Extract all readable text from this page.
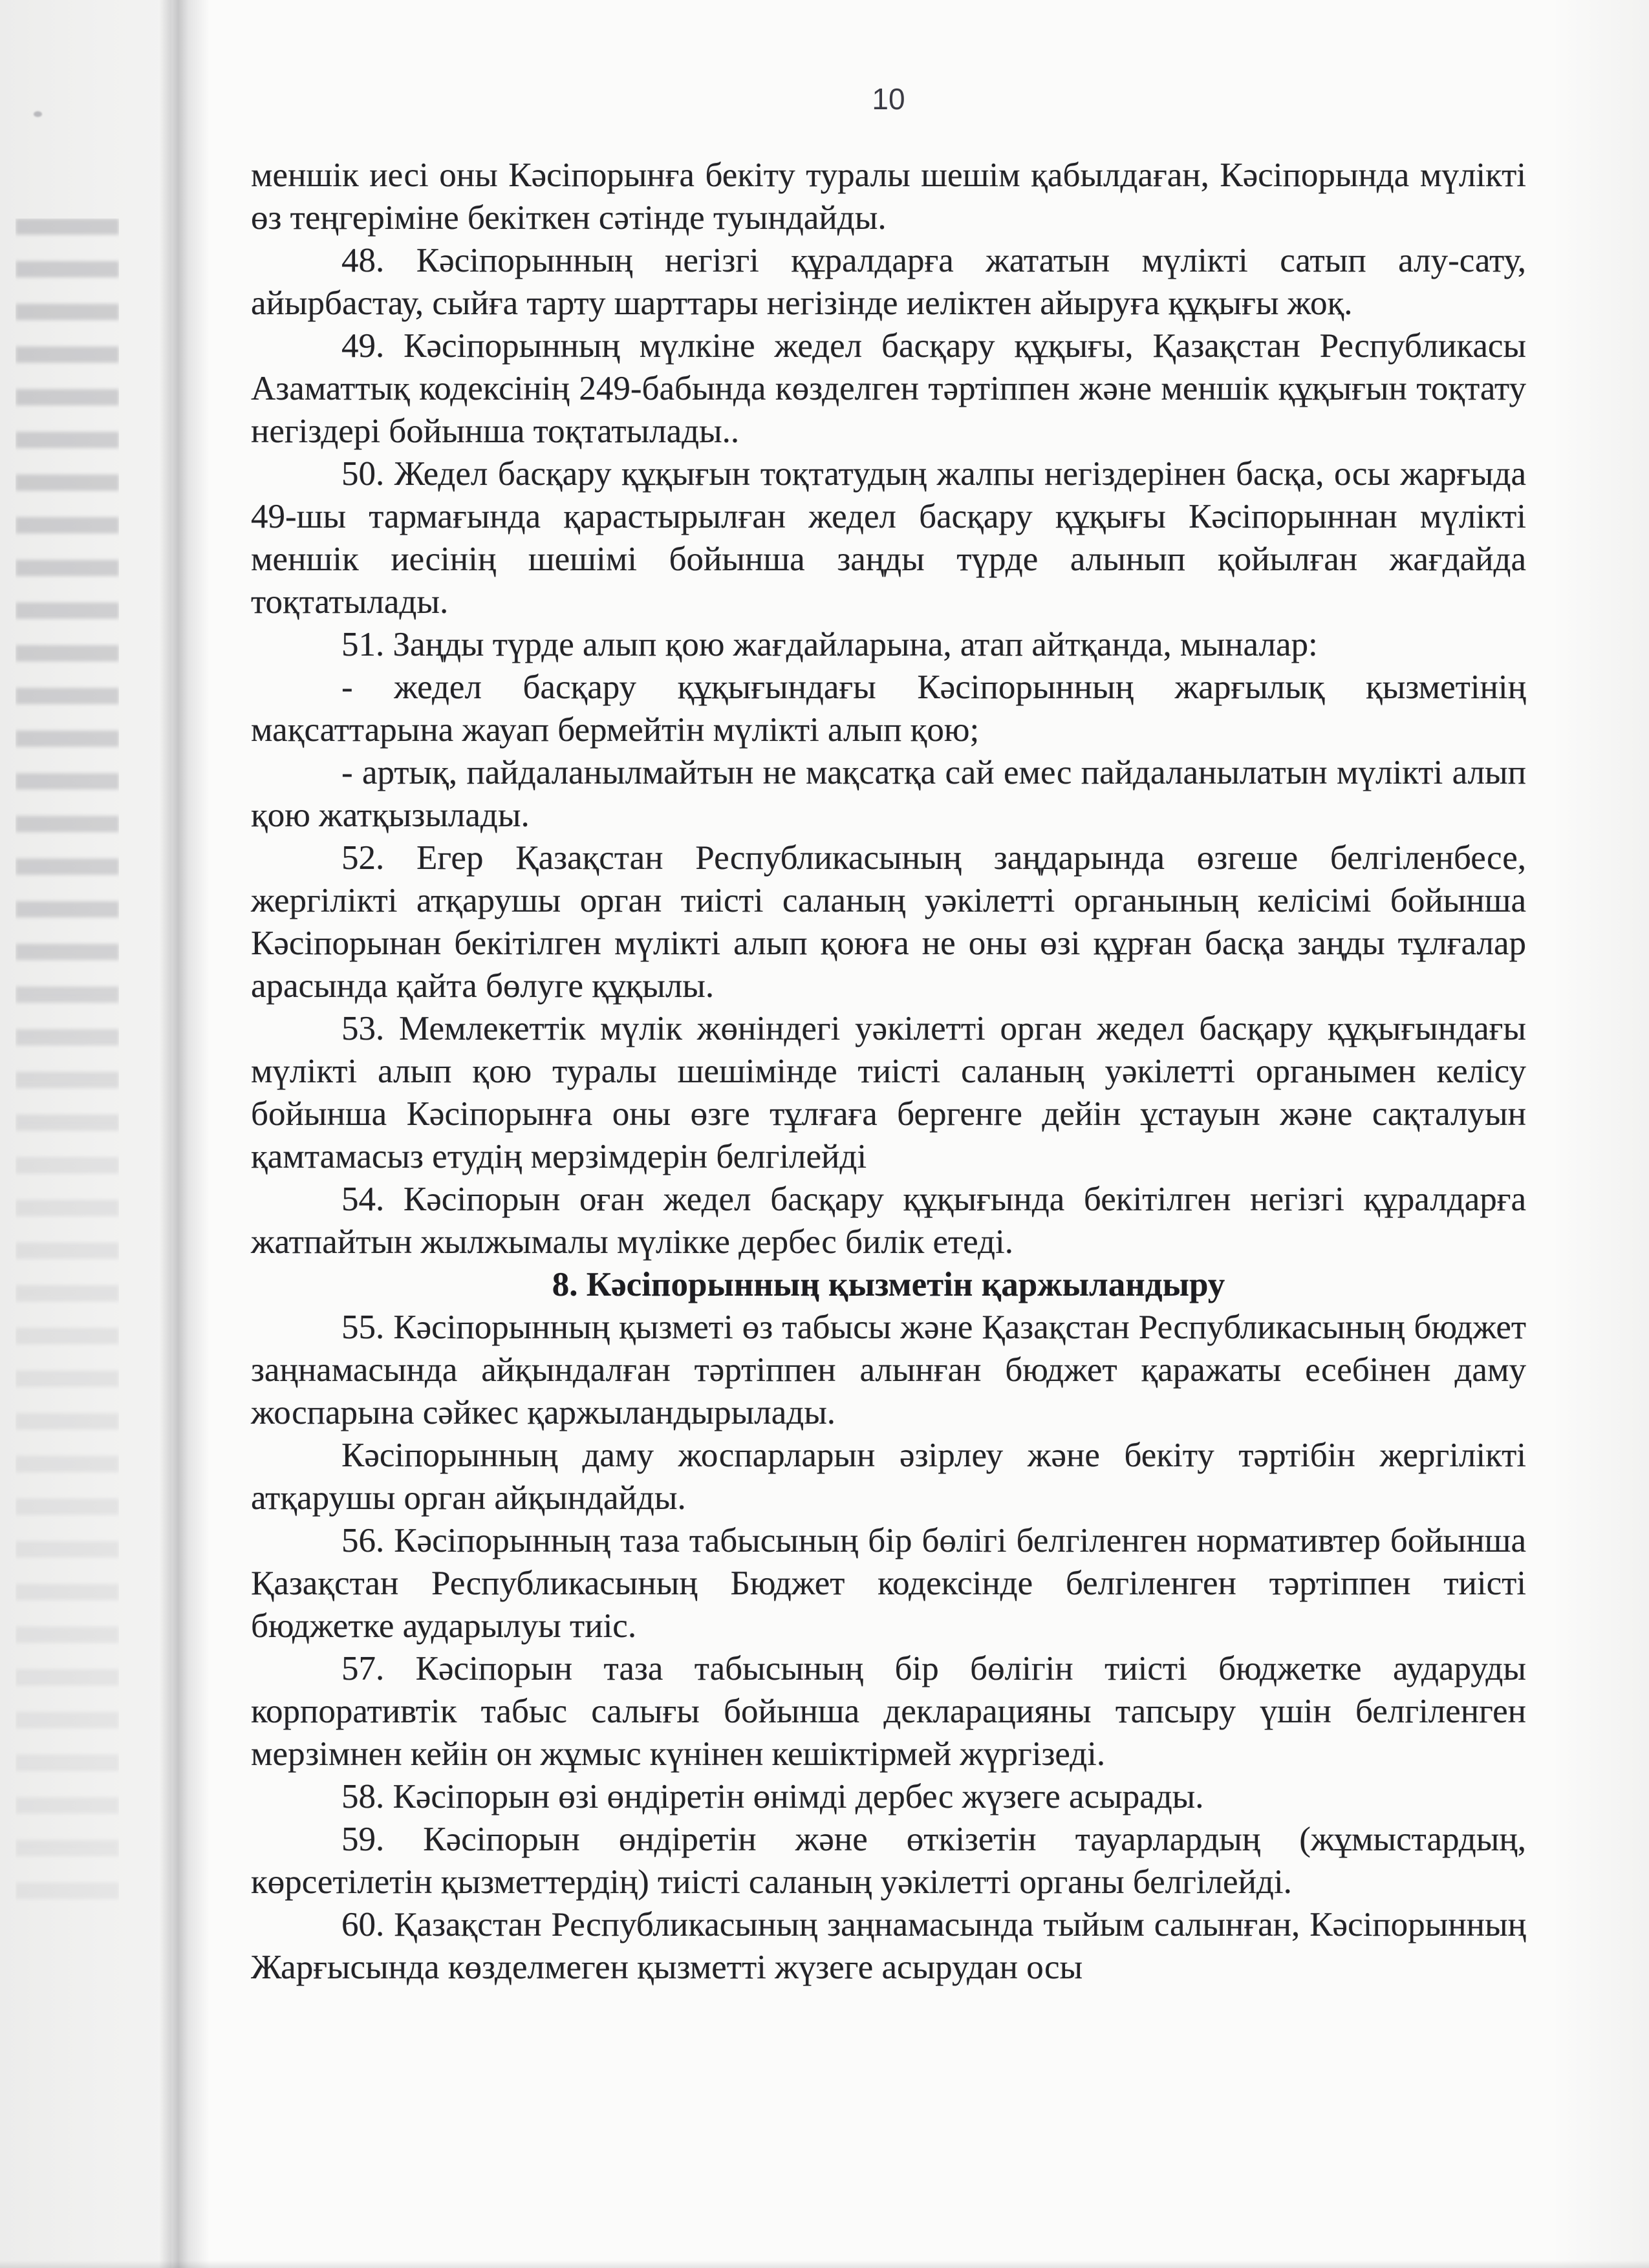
10

меншік иесі оны Кәсіпорынға бекіту туралы шешім қабылдаған, Кәсіпорында мүлікті өз теңгеріміне бекіткен сәтінде туындайды.

48. Кәсіпорынның негізгі құралдарға жататын мүлікті сатып алу-сату, айырбастау, сыйға тарту шарттары негізінде иеліктен айыруға құқығы жоқ.

49. Кәсіпорынның мүлкіне жедел басқару құқығы, Қазақстан Республикасы Азаматтық кодексінің 249-бабында көзделген тәртіппен және меншік құқығын тоқтату негіздері бойынша тоқтатылады..

50. Жедел басқару құқығын тоқтатудың жалпы негіздерінен басқа, осы жарғыда 49-шы тармағында қарастырылған жедел басқару құқығы Кәсіпорыннан мүлікті меншік иесінің шешімі бойынша заңды түрде алынып қойылған жағдайда тоқтатылады.

51. Заңды түрде алып қою жағдайларына, атап айтқанда, мыналар:

- жедел басқару құқығындағы Кәсіпорынның жарғылық қызметінің мақсаттарына жауап бермейтін мүлікті алып қою;

- артық, пайдаланылмайтын не мақсатқа сай емес пайдаланылатын мүлікті алып қою жатқызылады.

52. Егер Қазақстан Республикасының заңдарында өзгеше белгіленбесе, жергілікті атқарушы орган тиісті саланың уәкілетті органының келісімі бойынша Кәсіпорынан бекітілген мүлікті алып қоюға не оны өзі құрған басқа заңды тұлғалар арасында қайта бөлуге құқылы.

53. Мемлекеттік мүлік жөніндегі уәкілетті орган жедел басқару құқығындағы мүлікті алып қою туралы шешімінде тиісті саланың уәкілетті органымен келісу бойынша Кәсіпорынға оны өзге тұлғаға бергенге дейін ұстауын және сақталуын қамтамасыз етудің мерзімдерін белгілейді

54. Кәсіпорын оған жедел басқару құқығында бекітілген негізгі құралдарға жатпайтын жылжымалы мүлікке дербес билік етеді.

8. Кәсіпорынның қызметін қаржыландыру

55. Кәсіпорынның қызметі өз табысы және Қазақстан Республикасының бюджет заңнамасында айқындалған тәртіппен алынған бюджет қаражаты есебінен даму жоспарына сәйкес қаржыландырылады.

Кәсіпорынның даму жоспарларын әзірлеу және бекіту тәртібін жергілікті атқарушы орган айқындайды.

56. Кәсіпорынның таза табысының бір бөлігі белгіленген нормативтер бойынша Қазақстан Республикасының Бюджет кодексінде белгіленген тәртіппен тиісті бюджетке аударылуы тиіс.

57. Кәсіпорын таза табысының бір бөлігін тиісті бюджетке аударуды корпоративтік табыс салығы бойынша декларацияны тапсыру үшін белгіленген мерзімнен кейін он жұмыс күнінен кешіктірмей жүргізеді.

58. Кәсіпорын өзі өндіретін өнімді дербес жүзеге асырады.

59. Кәсіпорын өндіретін және өткізетін тауарлардың (жұмыстардың, көрсетілетін қызметтердің) тиісті саланың уәкілетті органы белгілейді.

60. Қазақстан Республикасының заңнамасында тыйым салынған, Кәсіпорынның Жарғысында көзделмеген қызметті жүзеге асырудан осы
